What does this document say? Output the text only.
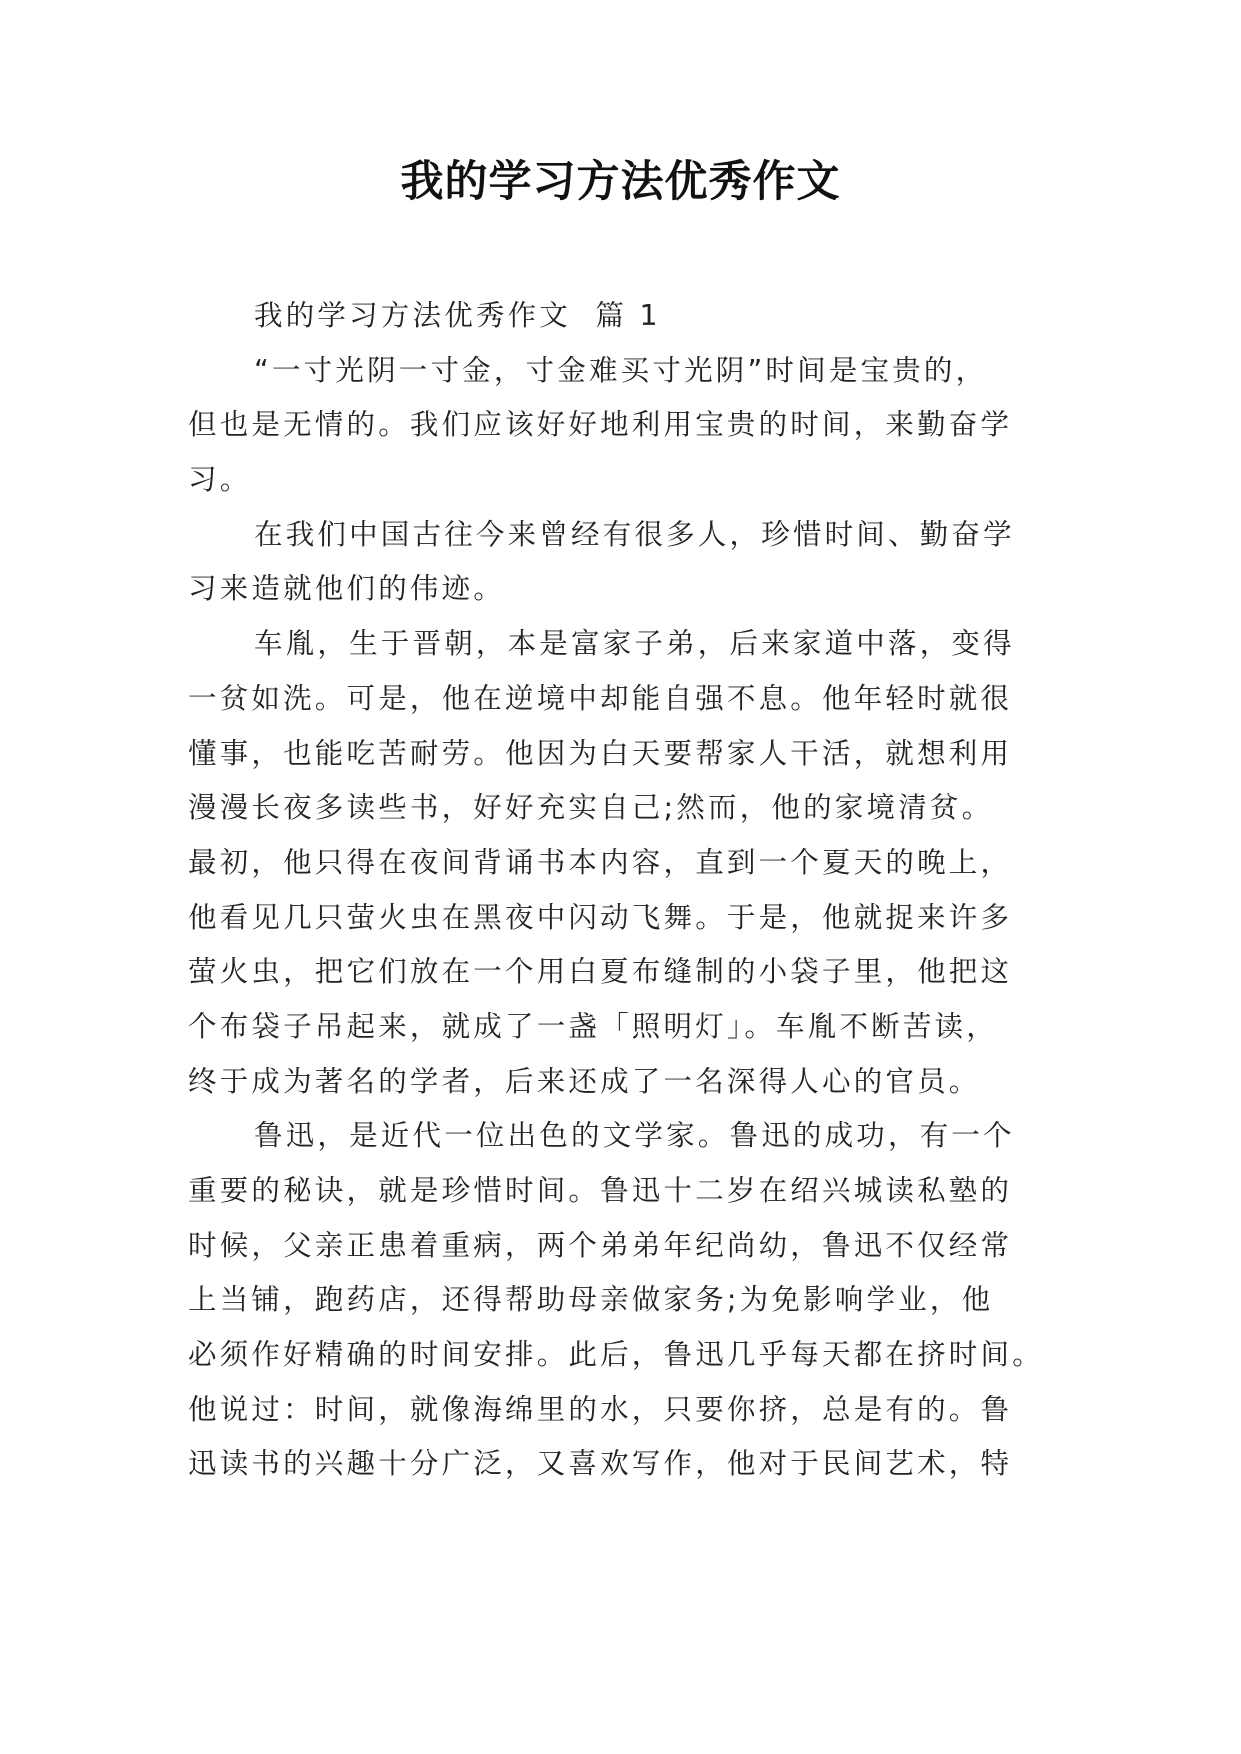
我的学习方法优秀作文
我的学习方法优秀作文  篇 1
“一寸光阴一寸金，寸金难买寸光阴”时间是宝贵的，
但也是无情的。我们应该好好地利用宝贵的时间，来勤奋学
习。
在我们中国古往今来曾经有很多人，珍惜时间、勤奋学
习来造就他们的伟迹。
车胤，生于晋朝，本是富家子弟，后来家道中落，变得
一贫如洗。可是，他在逆境中却能自强不息。他年轻时就很
懂事，也能吃苦耐劳。他因为白天要帮家人干活，就想利用
漫漫长夜多读些书，好好充实自己;然而，他的家境清贫。
最初，他只得在夜间背诵书本内容，直到一个夏天的晚上，
他看见几只萤火虫在黑夜中闪动飞舞。于是，他就捉来许多
萤火虫，把它们放在一个用白夏布缝制的小袋子里，他把这
个布袋子吊起来，就成了一盏「照明灯」。车胤不断苦读，
终于成为著名的学者，后来还成了一名深得人心的官员。
鲁迅，是近代一位出色的文学家。鲁迅的成功，有一个
重要的秘诀，就是珍惜时间。鲁迅十二岁在绍兴城读私塾的
时候，父亲正患着重病，两个弟弟年纪尚幼，鲁迅不仅经常
上当铺，跑药店，还得帮助母亲做家务;为免影响学业，他
必须作好精确的时间安排。此后，鲁迅几乎每天都在挤时间。
他说过：时间，就像海绵里的水，只要你挤，总是有的。鲁
迅读书的兴趣十分广泛，又喜欢写作，他对于民间艺术，特
